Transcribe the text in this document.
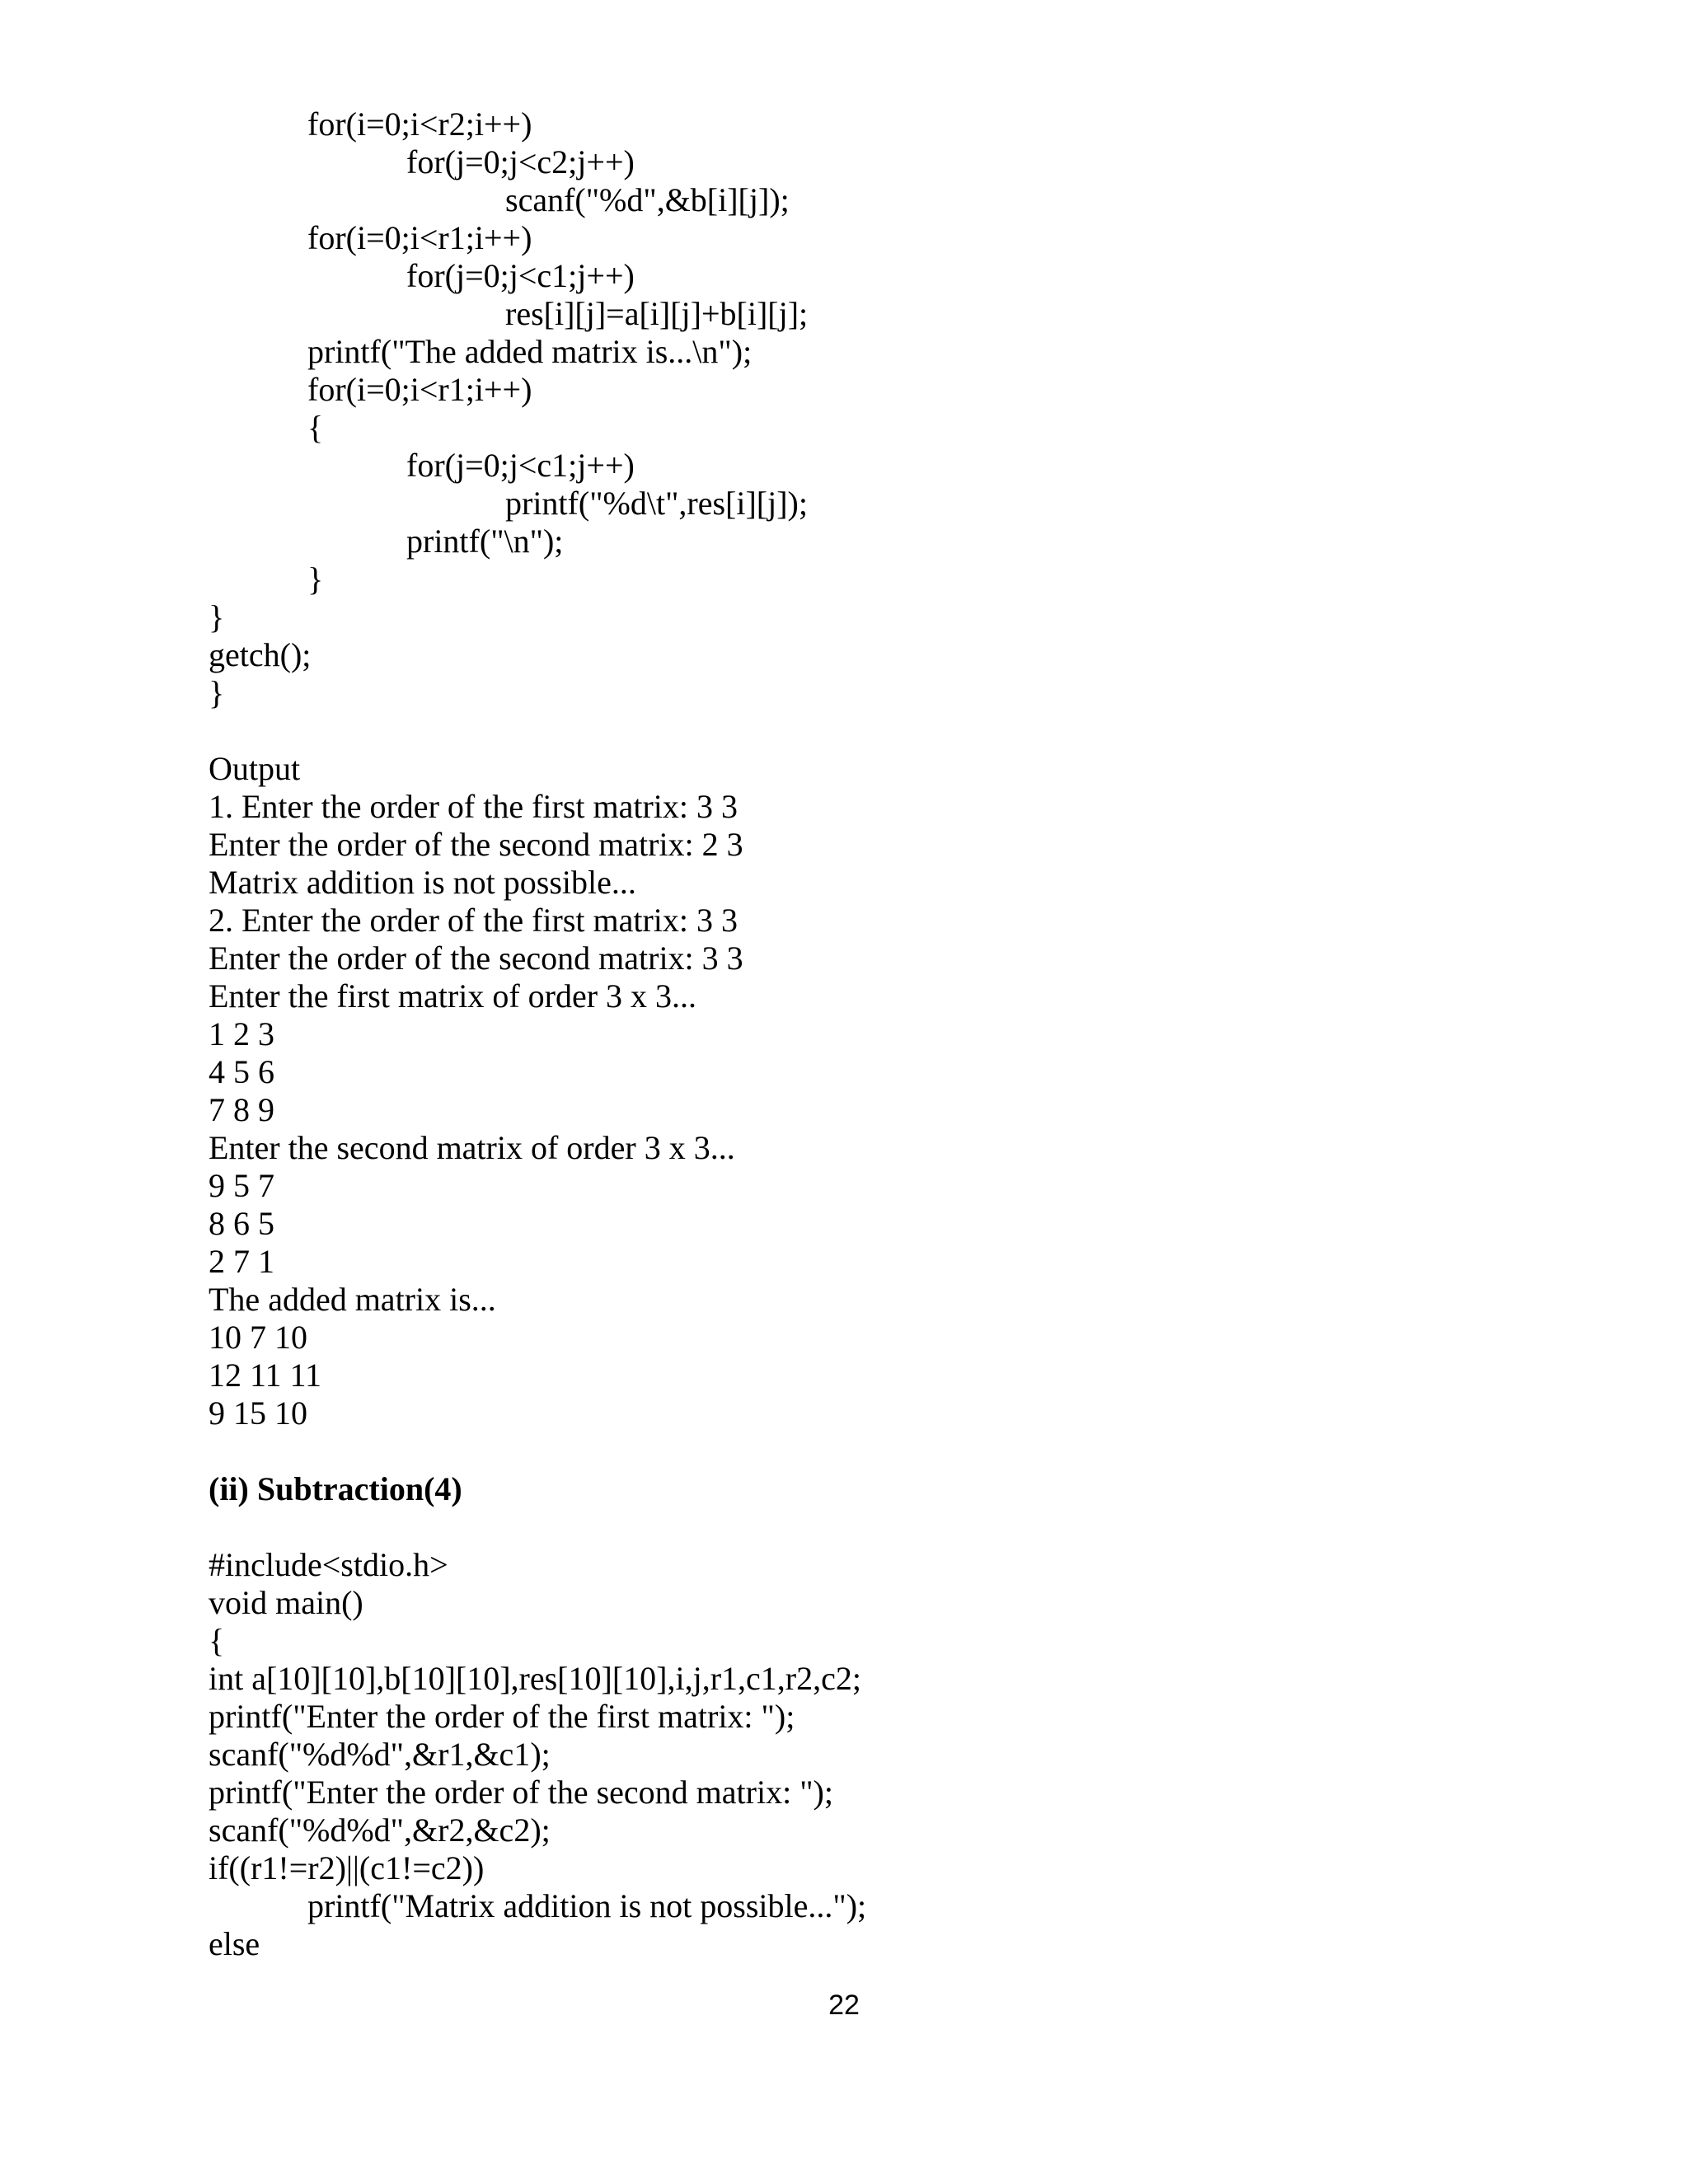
for(i=0;i<r2;i++)
for(j=0;j<c2;j++)
scanf("%d",&b[i][j]);
for(i=0;i<r1;i++)
for(j=0;j<c1;j++)
res[i][j]=a[i][j]+b[i][j];
printf("The added matrix is...\n");
for(i=0;i<r1;i++)
{
for(j=0;j<c1;j++)
printf("%d\t",res[i][j]);
printf("\n");
}
}
getch();
}
Output
1. Enter the order of the first matrix: 3 3
Enter the order of the second matrix: 2 3
Matrix addition is not possible...
2. Enter the order of the first matrix: 3 3
Enter the order of the second matrix: 3 3
Enter the first matrix of order 3 x 3...
1 2 3
4 5 6
7 8 9
Enter the second matrix of order 3 x 3...
9 5 7
8 6 5
2 7 1
The added matrix is...
10 7 10
12 11 11
9 15 10
(ii) Subtraction(4)
#include<stdio.h>
void main()
{
int a[10][10],b[10][10],res[10][10],i,j,r1,c1,r2,c2;
printf("Enter the order of the first matrix: ");
scanf("%d%d",&r1,&c1);
printf("Enter the order of the second matrix: ");
scanf("%d%d",&r2,&c2);
if((r1!=r2)||(c1!=c2))
printf("Matrix addition is not possible...");
else
22
